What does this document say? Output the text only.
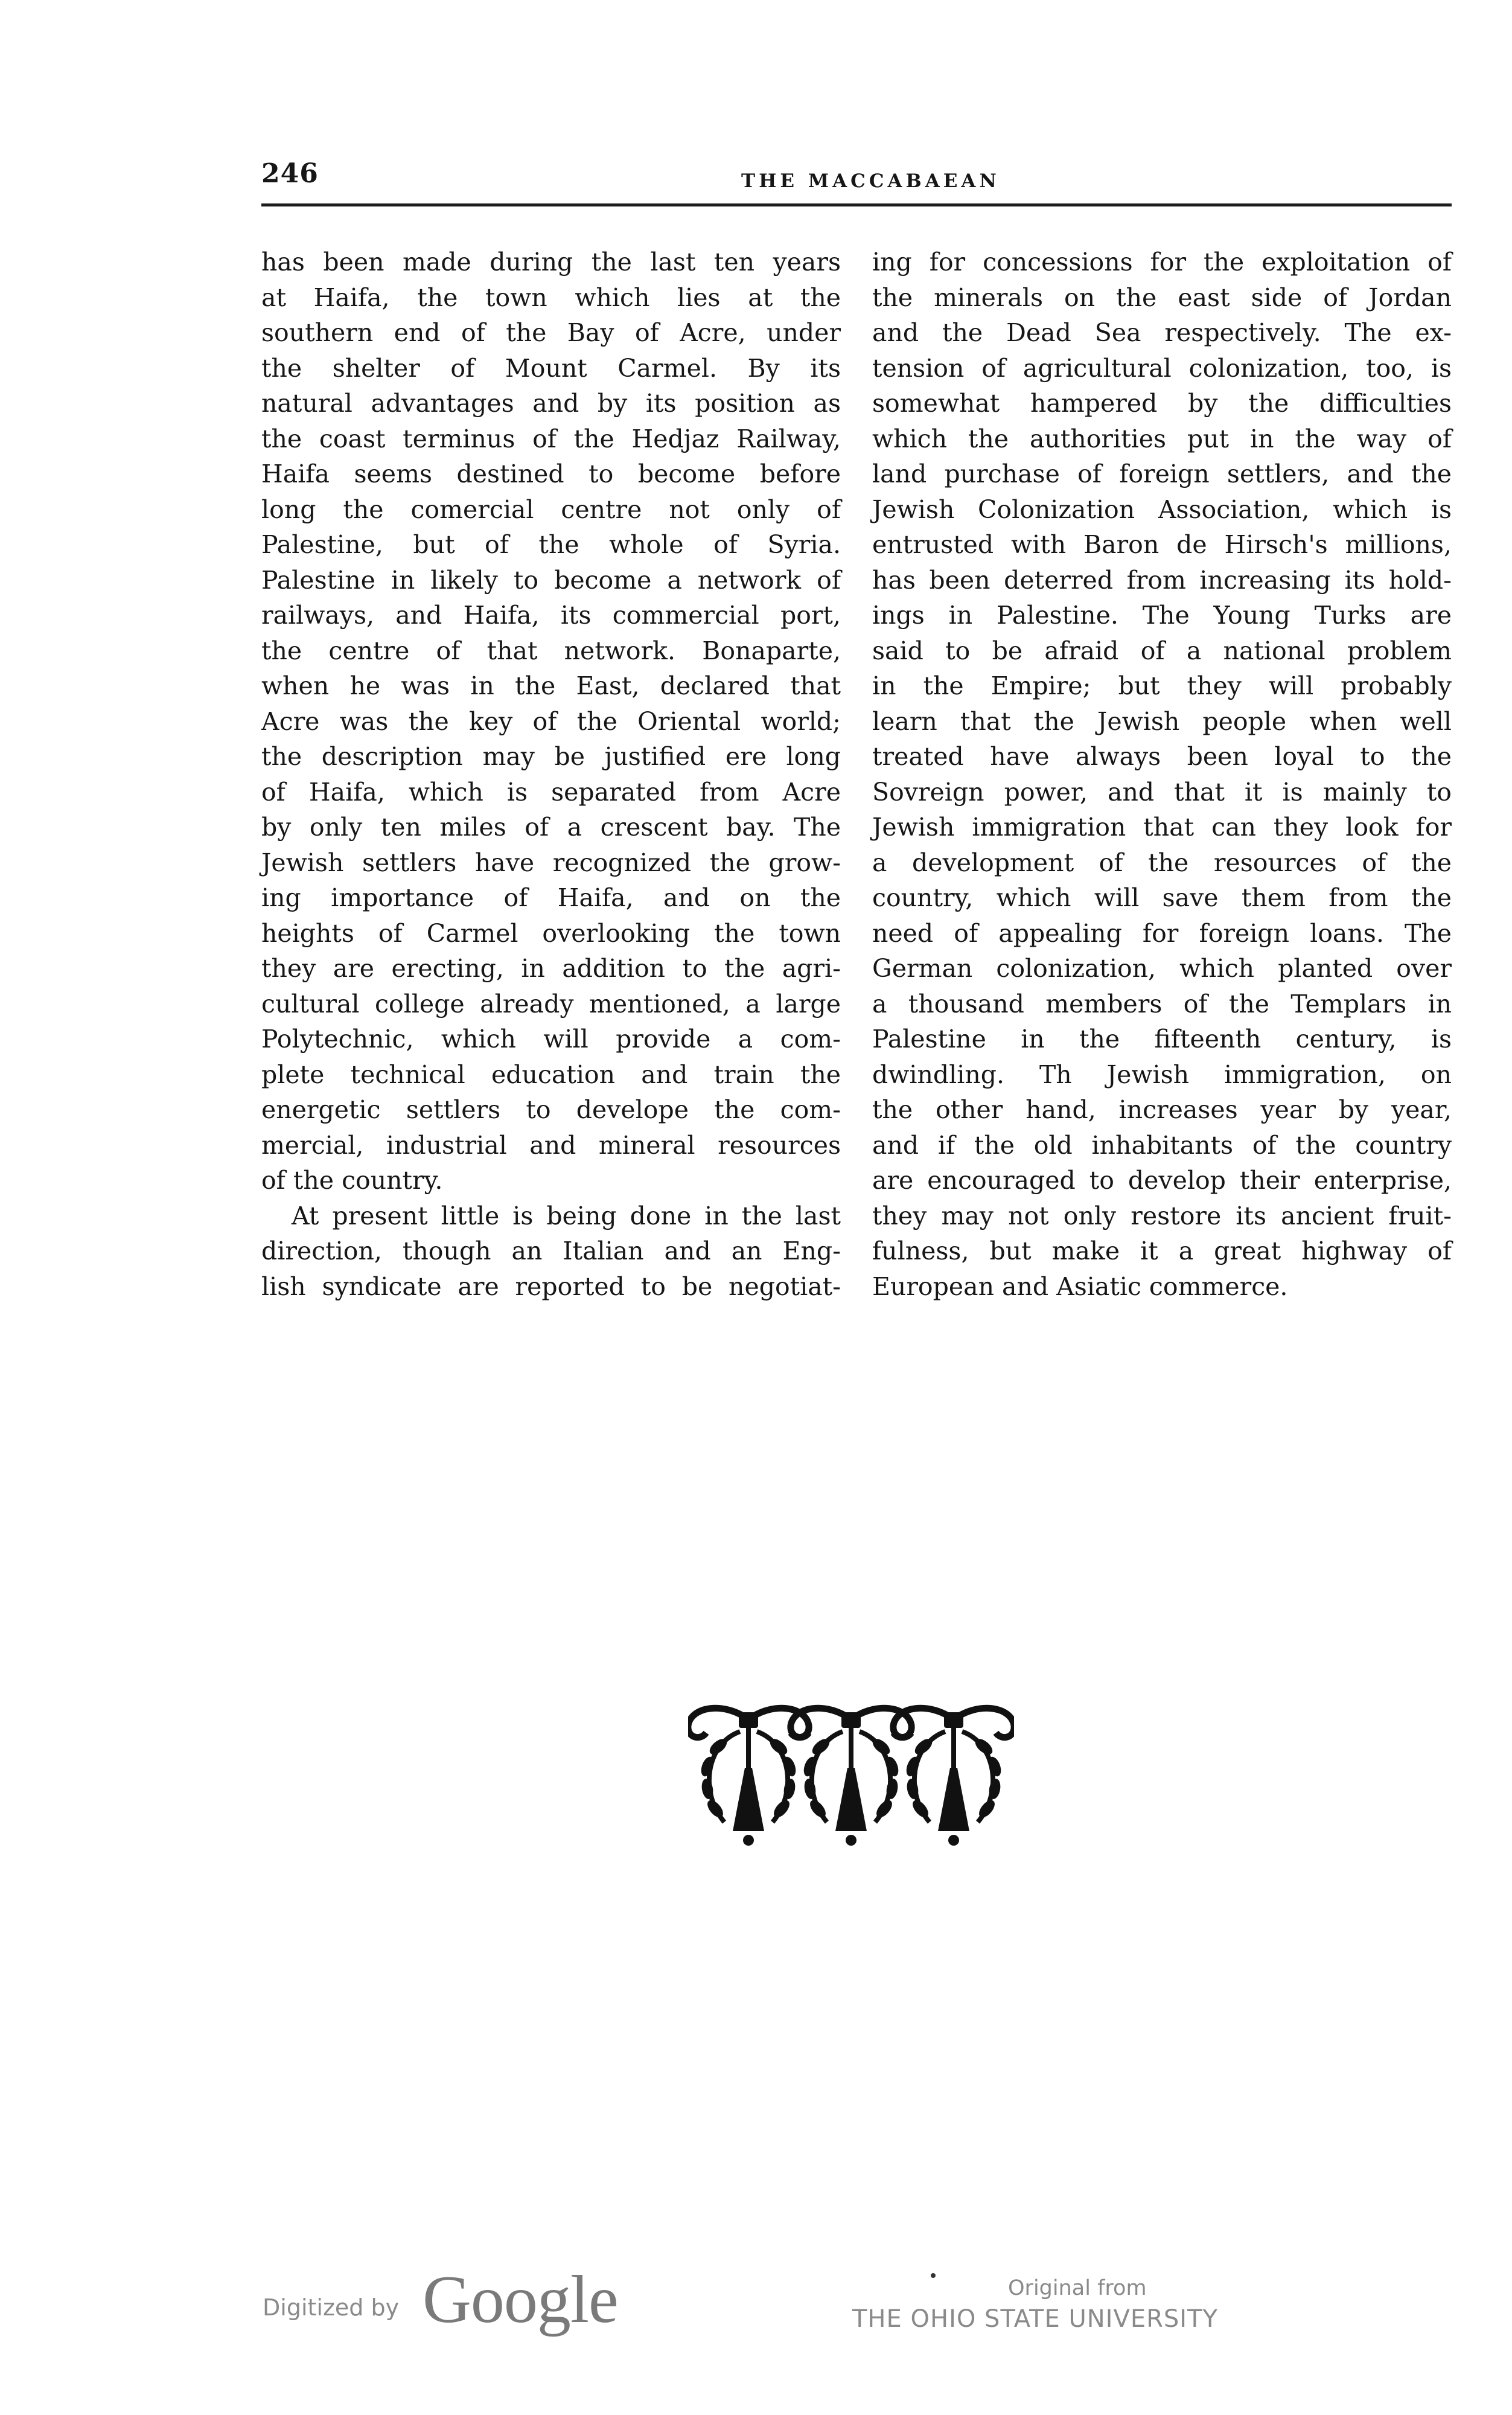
246	THE MACCABAEAN
has been made during the last ten years
at Haifa, the town which lies at the
southern end of the Bay of Acre, under
the shelter of Mount Carmel. By its
natural advantages and by its position as
the coast terminus of the Hedjaz Railway,
Haifa seems destined to become before
long the comercial centre not only of
Palestine, but of the whole of Syria.
Palestine in likely to become a network of
railways, and Haifa, its commercial port,
the centre of that network. Bonaparte,
when he was in the East, declared that
Acre was the key of the Oriental world;
the description may be justified ere long
of Haifa, which is separated from Acre
by only ten miles of a crescent bay. The
Jewish settlers have recognized the grow-
ing importance of Haifa, and on the
heights of Carmel overlooking the town
they are erecting, in addition to the agri-
cultural college already mentioned, a large
Polytechnic, which will provide a com-
plete technical education and train the
energetic settlers to develope the com-
mercial, industrial and mineral resources
of the country.
At present little is being done in the last
direction, though an Italian and an Eng-
lish syndicate are reported to be negotiat-
ing for concessions for the exploitation of
the minerals on the east side of Jordan
and the Dead Sea respectively. The ex-
tension of agricultural colonization, too, is
somewhat hampered by the difficulties
which the authorities put in the way of
land purchase of foreign settlers, and the
Jewish Colonization Association, which is
entrusted with Baron de Hirsch's millions,
has been deterred from increasing its hold-
ings in Palestine. The Young Turks are
said to be afraid of a national problem
in the Empire; but they will probably
learn that the Jewish people when well
treated have always been loyal to the
Sovreign power, and that it is mainly to
Jewish immigration that can they look for
a development of the resources of the
country, which will save them from the
need of appealing for foreign loans. The
German colonization, which planted over
a thousand members of the Templars in
Palestine in the fifteenth century, is
dwindling. Th Jewish immigration, on
the other hand, increases year by year,
and if the old inhabitants of the country
are encouraged to develop their enterprise,
they may not only restore its ancient fruit-
fulness, but make it a great highway of
European and Asiatic commerce.
Digitized by Google	Original from
THE OHIO STATE UNIVERSITY
